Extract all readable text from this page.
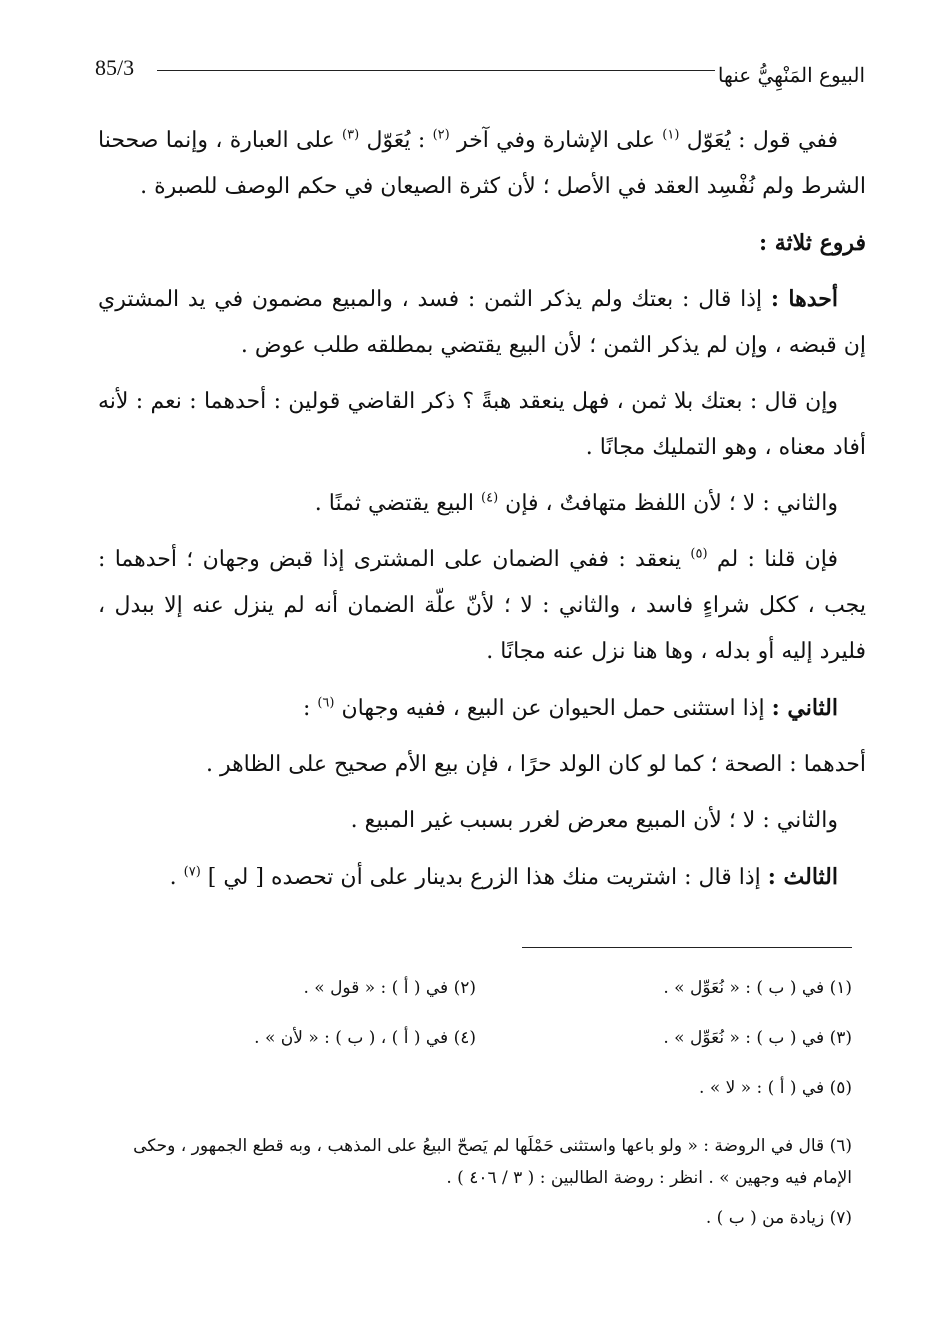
85/3	البيوع المَنْهِيُّ عنها

ففي قول : يُعَوّل $^{(١)}$ على الإشارة وفي آخر $^{(٢)}$ : يُعَوّل $^{(٣)}$ على العبارة ، وإنما صححنا الشرط ولم نُفْسِد العقد في الأصل ؛ لأن كثرة الصيعان في حكم الوصف للصبرة .

فروع ثلاثة :

أحدها : إذا قال : بعتك ولم يذكر الثمن : فسد ، والمبيع مضمون في يد المشتري إن قبضه ، وإن لم يذكر الثمن ؛ لأن البيع يقتضي بمطلقه طلب عوض .

وإن قال : بعتك بلا ثمن ، فهل ينعقد هبةً ؟ ذكر القاضي قولين : أحدهما : نعم : لأنه أفاد معناه ، وهو التمليك مجانًا .

والثاني : لا ؛ لأن اللفظ متهافتٌ ، فإن $^{(٤)}$ البيع يقتضي ثمنًا .

فإن قلنا : لم $^{(٥)}$ ينعقد : ففي الضمان على المشترى إذا قبض وجهان ؛ أحدهما : يجب ، ككل شراءٍ فاسد ، والثاني : لا ؛ لأنّ علّة الضمان أنه لم ينزل عنه إلا ببدل ، فليرد إليه أو بدله ، وها هنا نزل عنه مجانًا .

الثاني : إذا استثنى حمل الحيوان عن البيع ، ففيه وجهان $^{(٦)}$ :

أحدهما : الصحة ؛ كما لو كان الولد حرًا ، فإن بيع الأم صحيح على الظاهر .

والثاني : لا ؛ لأن المبيع معرض لغرر بسبب غير المبيع .

الثالث : إذا قال : اشتريت منك هذا الزرع بدينار على أن تحصده [ لي ] $^{(٧)}$ .

(١) في ( ب ) : « نُعَوِّل » .
(٢) في ( أ ) : « قول » .
(٣) في ( ب ) : « نُعَوِّل » .
(٤) في ( أ ) ، ( ب ) : « لأن » .
(٥) في ( أ ) : « لا » .
(٦) قال في الروضة : « ولو باعها واستثنى حَمْلَها لم يَصحّ البيعُ على المذهب ، وبه قطع الجمهور ، وحكى الإمام فيه وجهين » . انظر : روضة الطالبين : ( ٣ / ٤٠٦ ) .
(٧) زيادة من ( ب ) .
